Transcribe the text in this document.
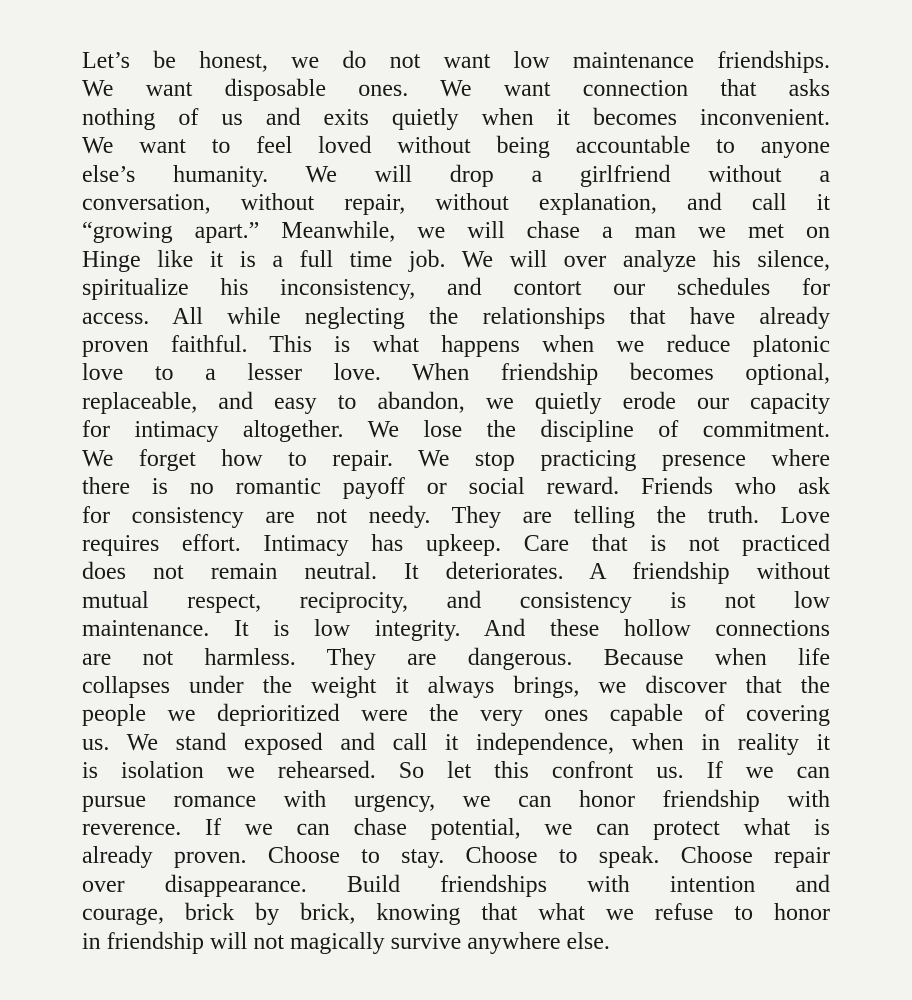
Let’s be honest, we do not want low maintenance friendships.
We want disposable ones. We want connection that asks
nothing of us and exits quietly when it becomes inconvenient.
We want to feel loved without being accountable to anyone
else’s humanity. We will drop a girlfriend without a
conversation, without repair, without explanation, and call it
“growing apart.” Meanwhile, we will chase a man we met on
Hinge like it is a full time job. We will over analyze his silence,
spiritualize his inconsistency, and contort our schedules for
access. All while neglecting the relationships that have already
proven faithful. This is what happens when we reduce platonic
love to a lesser love. When friendship becomes optional,
replaceable, and easy to abandon, we quietly erode our capacity
for intimacy altogether. We lose the discipline of commitment.
We forget how to repair. We stop practicing presence where
there is no romantic payoff or social reward. Friends who ask
for consistency are not needy. They are telling the truth. Love
requires effort. Intimacy has upkeep. Care that is not practiced
does not remain neutral. It deteriorates. A friendship without
mutual respect, reciprocity, and consistency is not low
maintenance. It is low integrity. And these hollow connections
are not harmless. They are dangerous. Because when life
collapses under the weight it always brings, we discover that the
people we deprioritized were the very ones capable of covering
us. We stand exposed and call it independence, when in reality it
is isolation we rehearsed. So let this confront us. If we can
pursue romance with urgency, we can honor friendship with
reverence. If we can chase potential, we can protect what is
already proven. Choose to stay. Choose to speak. Choose repair
over disappearance. Build friendships with intention and
courage, brick by brick, knowing that what we refuse to honor
in friendship will not magically survive anywhere else.
